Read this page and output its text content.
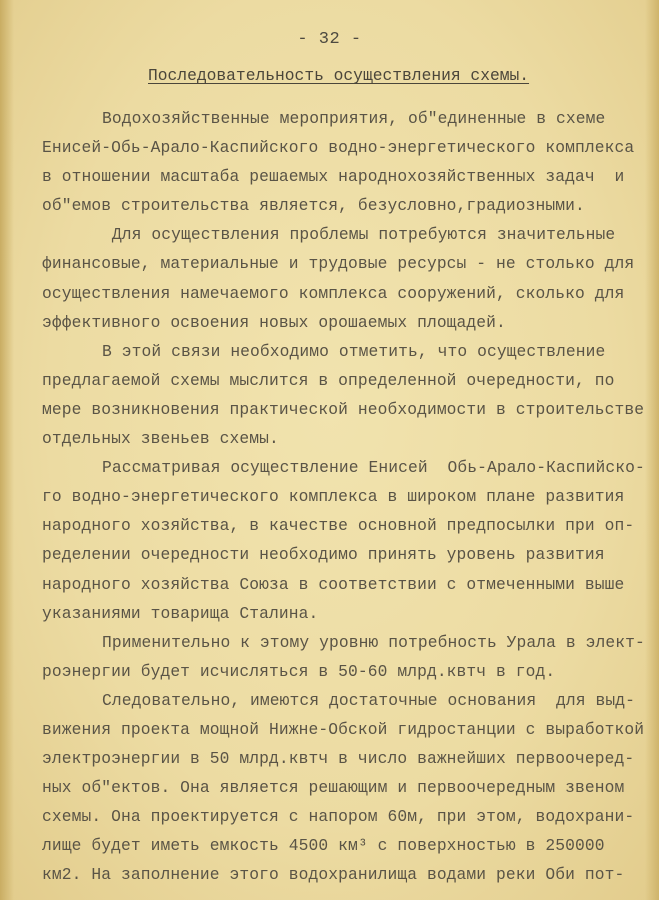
- 32 -
Последовательность осуществления схемы.
Водохозяйственные мероприятия, об"единенные в схеме
Енисей-Обь-Арало-Каспийского водно-энергетического комплекса
в отношении масштаба решаемых народнохозяйственных задач  и
об"емов строительства является, безусловно,градиозными.
Для осуществления проблемы потребуются значительные
финансовые, материальные и трудовые ресурсы - не столько для
осуществления намечаемого комплекса сооружений, сколько для
эффективного освоения новых орошаемых площадей.
В этой связи необходимо отметить, что осуществление
предлагаемой схемы мыслится в определенной очередности, по
мере возникновения практической необходимости в строительстве
отдельных звеньев схемы.
Рассматривая осуществление Енисей  Обь-Арало-Каспийско-
го водно-энергетического комплекса в широком плане развития
народного хозяйства, в качестве основной предпосылки при оп-
ределении очередности необходимо принять уровень развития
народного хозяйства Союза в соответствии с отмеченными выше
указаниями товарища Сталина.
Применительно к этому уровню потребность Урала в элект-
роэнергии будет исчисляться в 50-60 млрд.квтч в год.
Следовательно, имеются достаточные основания  для выд-
вижения проекта мощной Нижне-Обской гидростанции с выработкой
электроэнергии в 50 млрд.квтч в число важнейших первоочеред-
ных об"ектов. Она является решающим и первоочередным звеном
схемы. Она проектируется с напором 60м, при этом, водохрани-
лище будет иметь емкость 4500 км³ с поверхностью в 250000
км2. На заполнение этого водохранилища водами реки Оби пот-
